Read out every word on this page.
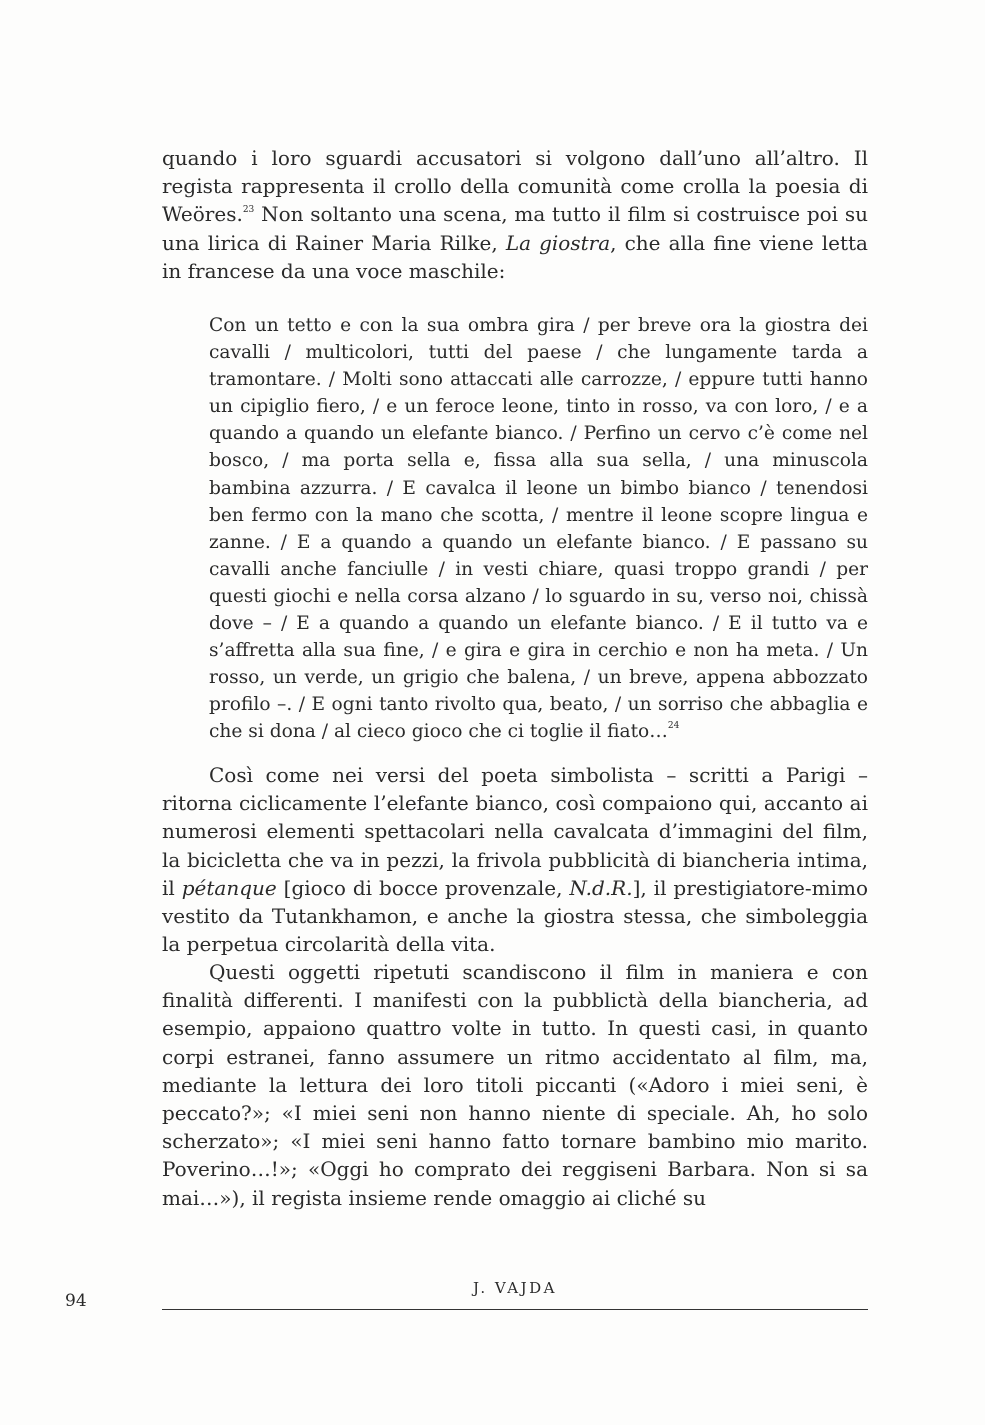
quando i loro sguardi accusatori si volgono dall’uno all’altro. Il regista rappresenta il crollo della comunità come crolla la poesia di Weöres.$^{23}$ Non soltanto una scena, ma tutto il film si costruisce poi su una lirica di Rainer Maria Rilke, La giostra, che alla fine viene letta in francese da una voce maschile:

Con un tetto e con la sua ombra gira / per breve ora la giostra dei cavalli / multicolori, tutti del paese / che lungamente tarda a tramontare. / Molti sono attaccati alle carrozze, / eppure tutti hanno un cipiglio fiero, / e un feroce leone, tinto in rosso, va con loro, / e a quando a quando un elefante bianco. / Perfino un cervo c’è come nel bosco, / ma porta sella e, fissa alla sua sella, / una minuscola bambina azzurra. / E cavalca il leone un bimbo bianco / tenendosi ben fermo con la mano che scotta, / mentre il leone scopre lingua e zanne. / E a quando a quando un elefante bianco. / E passano su cavalli anche fanciulle / in vesti chiare, quasi troppo grandi / per questi giochi e nella corsa alzano / lo sguardo in su, verso noi, chissà dove – / E a quando a quando un elefante bianco. / E il tutto va e s’affretta alla sua fine, / e gira e gira in cerchio e non ha meta. / Un rosso, un verde, un grigio che balena, / un breve, appena abbozzato profilo –. / E ogni tanto rivolto qua, beato, / un sorriso che abbaglia e che si dona / al cieco gioco che ci toglie il fiato…$^{24}$

Così come nei versi del poeta simbolista – scritti a Parigi – ritorna ciclicamente l’elefante bianco, così compaiono qui, accanto ai numerosi elementi spettacolari nella cavalcata d’immagini del film, la bicicletta che va in pezzi, la frivola pubblicità di biancheria intima, il pétanque [gioco di bocce provenzale, N.d.R.], il prestigiatore-mimo vestito da Tutankhamon, e anche la giostra stessa, che simboleggia la perpetua circolarità della vita.

Questi oggetti ripetuti scandiscono il film in maniera e con finalità differenti. I manifesti con la pubblictà della biancheria, ad esempio, appaiono quattro volte in tutto. In questi casi, in quanto corpi estranei, fanno assumere un ritmo accidentato al film, ma, mediante la lettura dei loro titoli piccanti («Adoro i miei seni, è peccato?»; «I miei seni non hanno niente di speciale. Ah, ho solo scherzato»; «I miei seni hanno fatto tornare bambino mio marito. Poverino…!»; «Oggi ho comprato dei reggiseni Barbara. Non si sa mai…»), il regista insieme rende omaggio ai cliché su

94
J. VAJDA
